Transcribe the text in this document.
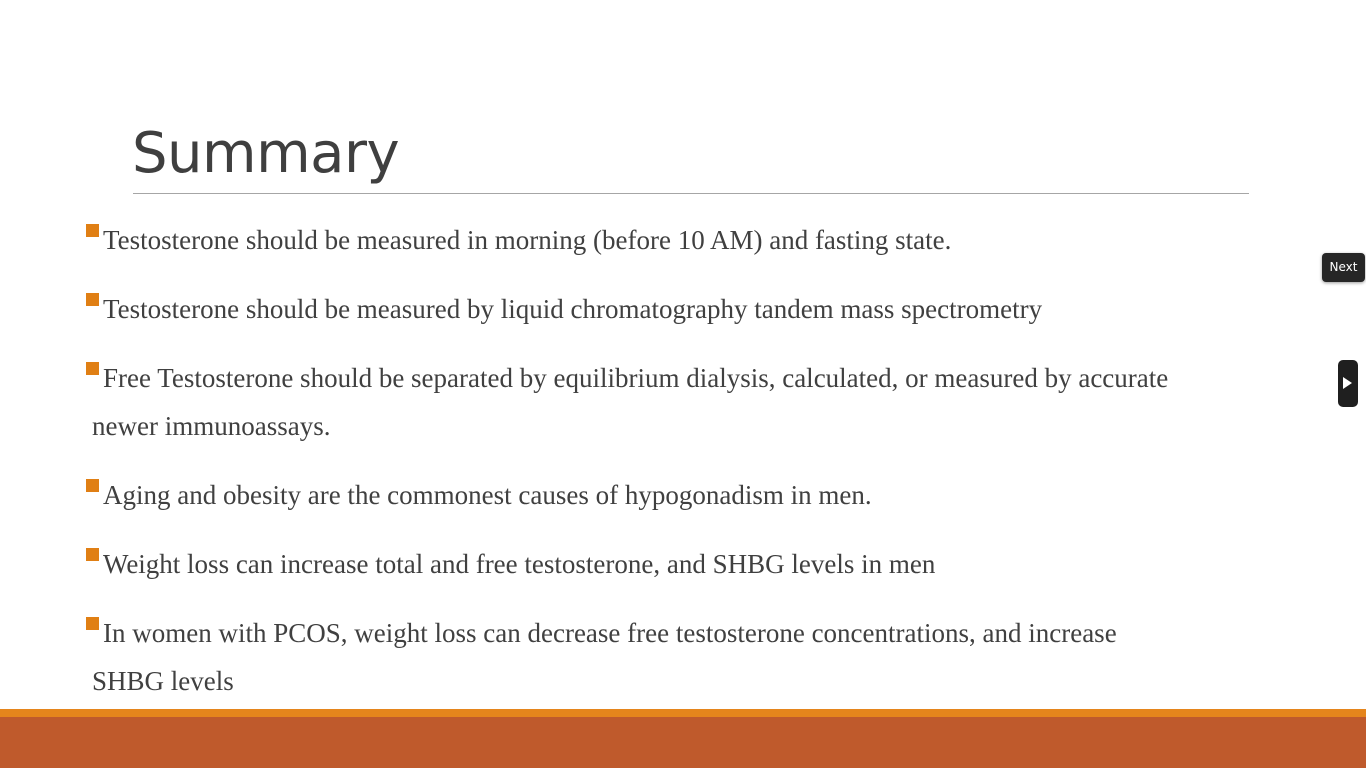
Summary
Testosterone should be measured in morning (before 10 AM) and fasting state.
Testosterone should be measured by liquid chromatography tandem mass spectrometry
Free Testosterone should be separated by equilibrium dialysis, calculated, or measured by accurate
newer immunoassays.
Aging and obesity are the commonest causes of hypogonadism in men.
Weight loss can increase total and free testosterone, and SHBG levels in men
In women with PCOS, weight loss can decrease free testosterone concentrations, and increase
SHBG levels
Next
